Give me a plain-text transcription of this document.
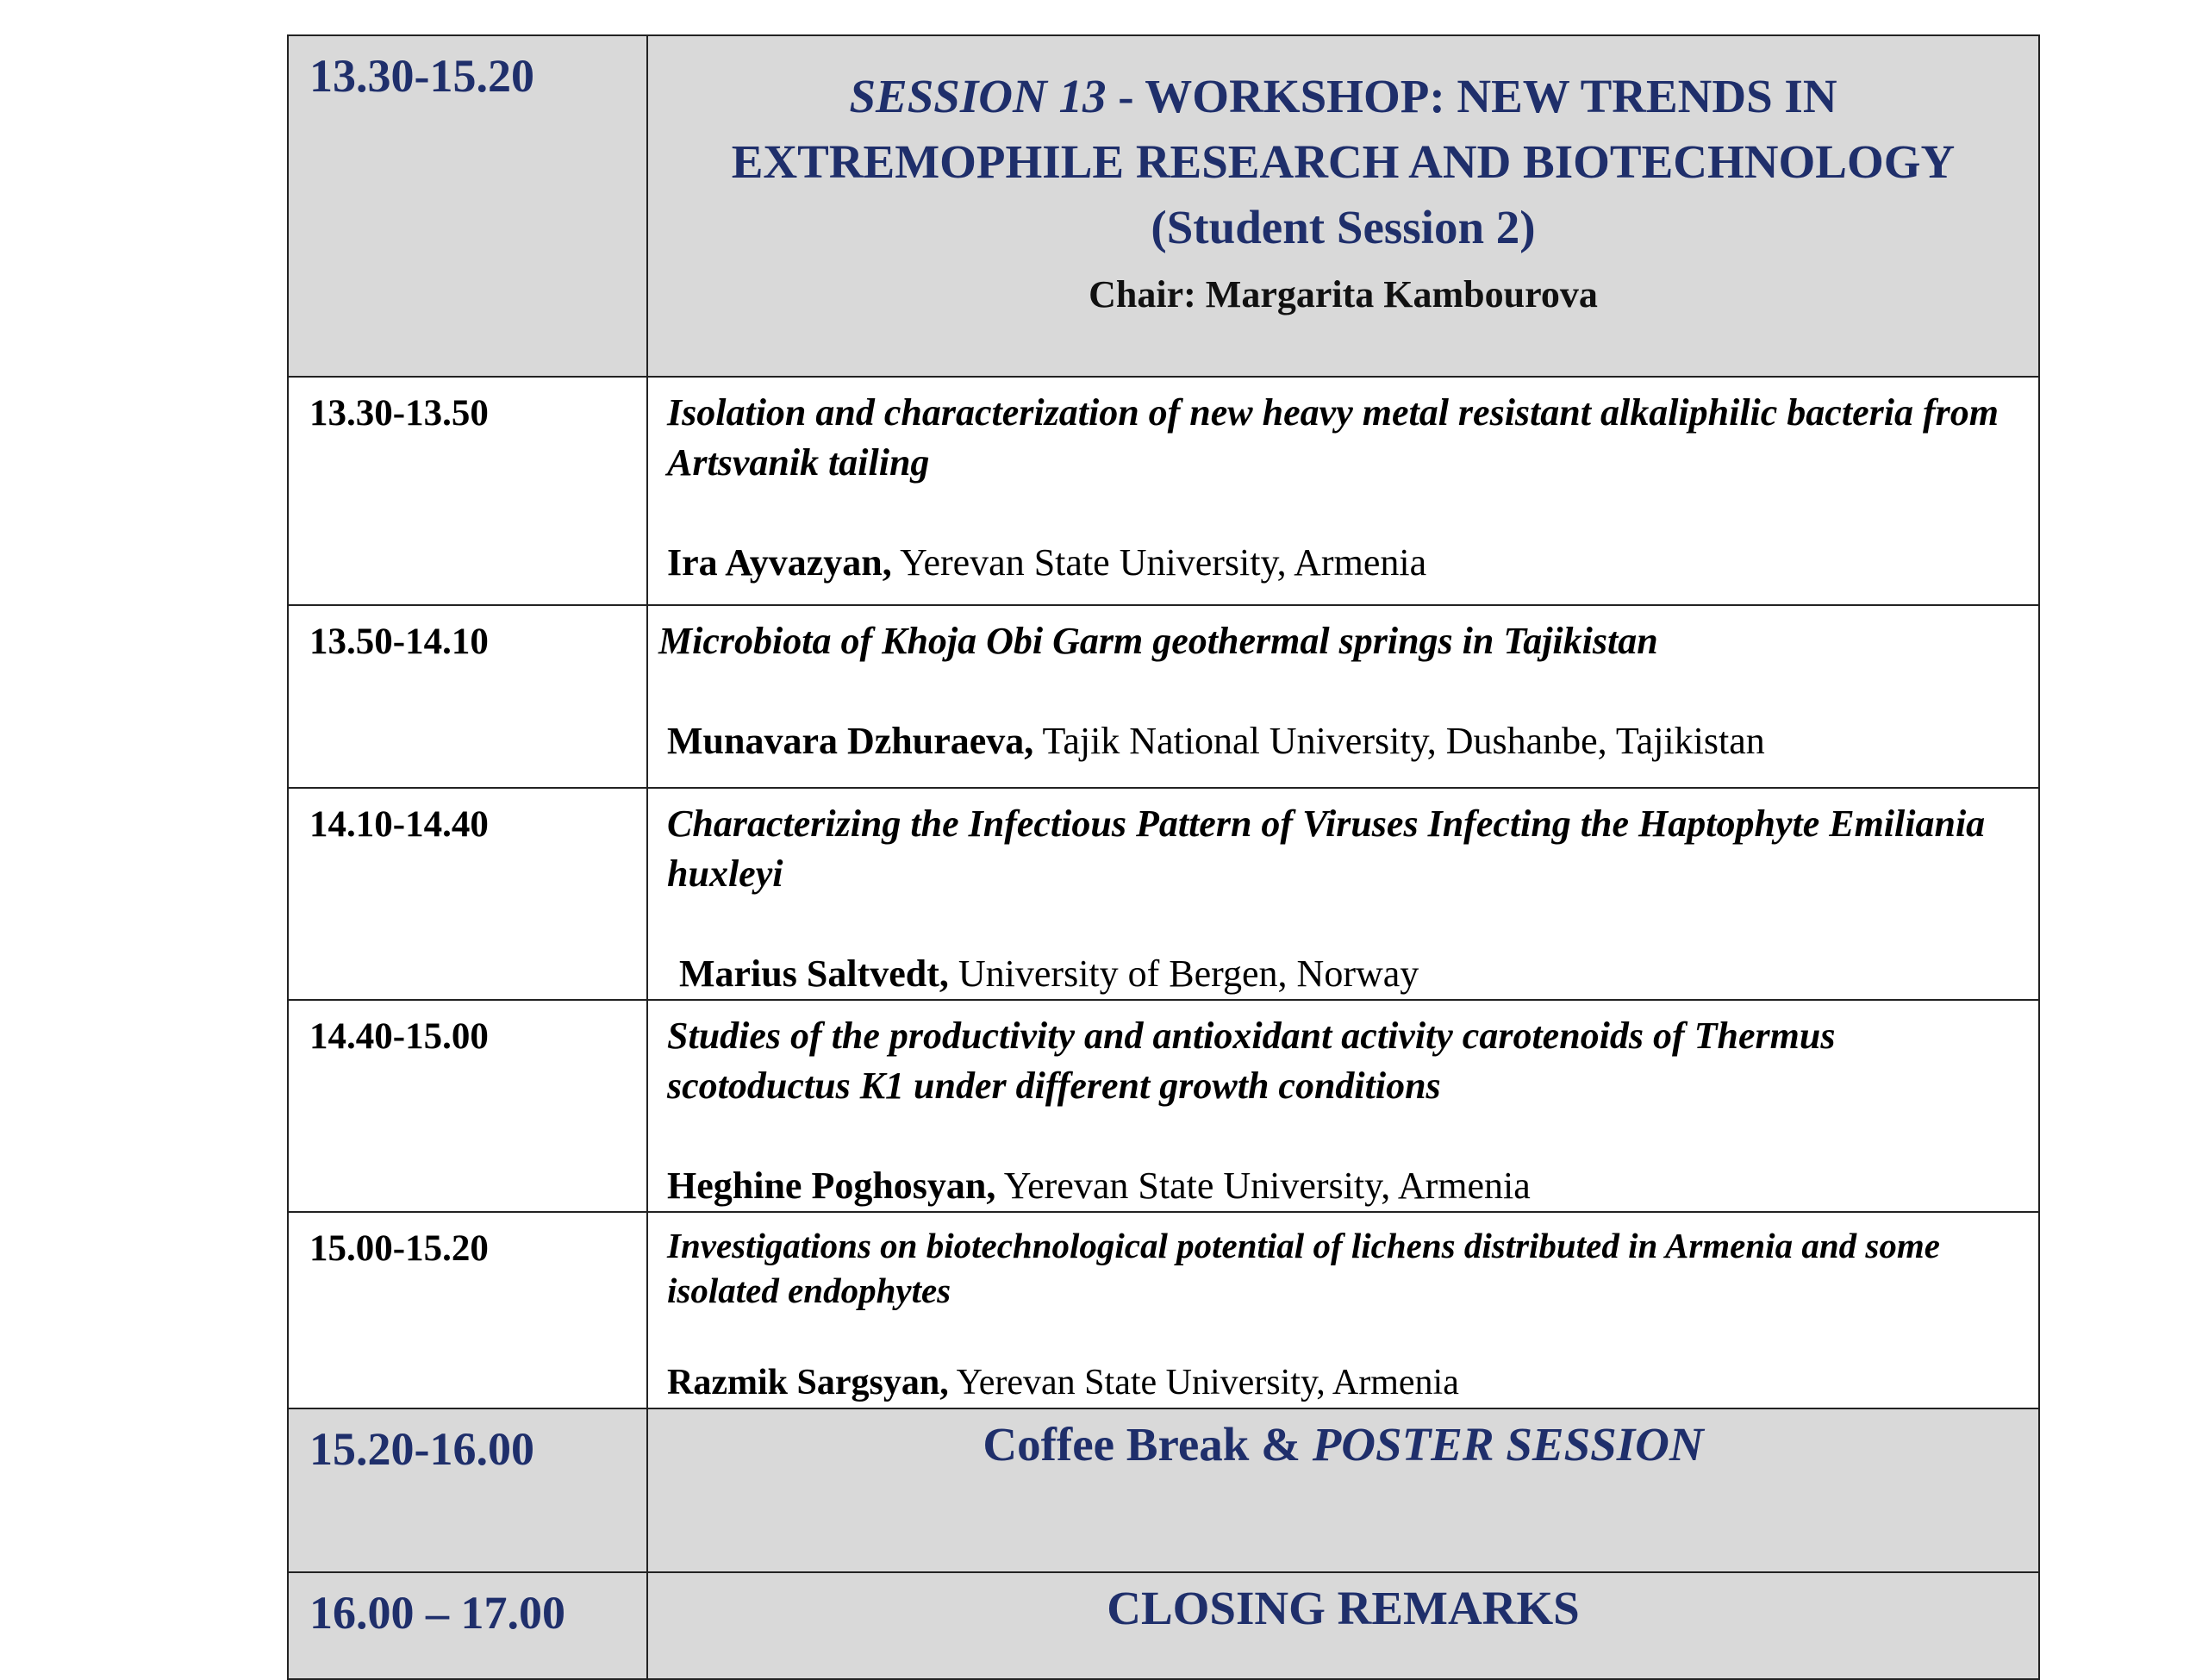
13.30-15.20	SESSION 13 - WORKSHOP: NEW TRENDS IN
EXTREMOPHILE RESEARCH AND BIOTECHNOLOGY
(Student Session 2)
Chair: Margarita Kambourova

13.30-13.50	Isolation and characterization of new heavy metal resistant alkaliphilic bacteria from Artsvanik tailing
Ira Ayvazyan, Yerevan State University, Armenia

13.50-14.10	Microbiota of Khoja Obi Garm geothermal springs in Tajikistan
Munavara Dzhuraeva, Tajik National University, Dushanbe, Tajikistan

14.10-14.40	Characterizing the Infectious Pattern of Viruses Infecting the Haptophyte Emiliania huxleyi
Marius Saltvedt, University of Bergen, Norway

14.40-15.00	Studies of the productivity and antioxidant activity carotenoids of Thermus scotoductus K1 under different growth conditions
Heghine Poghosyan, Yerevan State University, Armenia

15.00-15.20	Investigations on biotechnological potential of lichens distributed in Armenia and some isolated endophytes
Razmik Sargsyan, Yerevan State University, Armenia

15.20-16.00	Coffee Break & POSTER SESSION

16.00 – 17.00	CLOSING REMARKS
